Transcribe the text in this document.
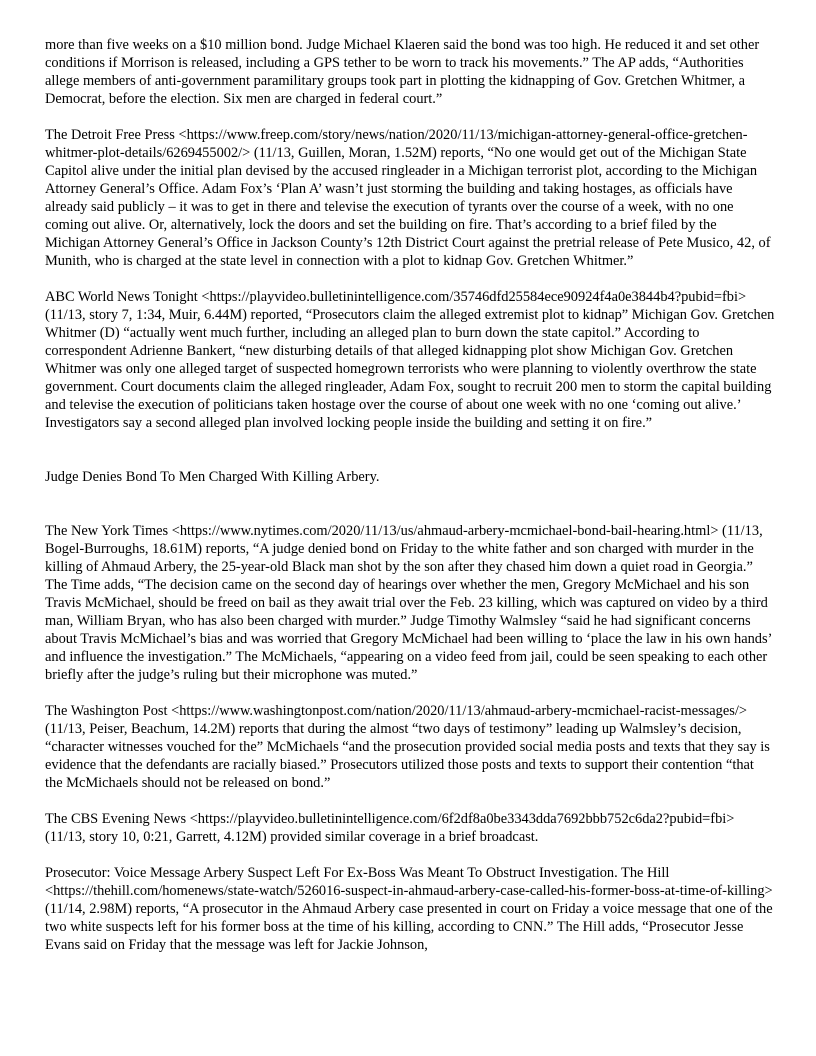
more than five weeks on a $10 million bond. Judge Michael Klaeren said the bond was too high. He reduced it and set other conditions if Morrison is released, including a GPS tether to be worn to track his movements.” The AP adds, “Authorities allege members of anti-government paramilitary groups took part in plotting the kidnapping of Gov. Gretchen Whitmer, a Democrat, before the election. Six men are charged in federal court.”

The Detroit Free Press <https://www.freep.com/story/news/nation/2020/11/13/michigan-attorney-general-office-gretchen-whitmer-plot-details/6269455002/> (11/13, Guillen, Moran, 1.52M) reports, “No one would get out of the Michigan State Capitol alive under the initial plan devised by the accused ringleader in a Michigan terrorist plot, according to the Michigan Attorney General’s Office. Adam Fox’s ‘Plan A’ wasn’t just storming the building and taking hostages, as officials have already said publicly – it was to get in there and televise the execution of tyrants over the course of a week, with no one coming out alive. Or, alternatively, lock the doors and set the building on fire. That’s according to a brief filed by the Michigan Attorney General’s Office in Jackson County’s 12th District Court against the pretrial release of Pete Musico, 42, of Munith, who is charged at the state level in connection with a plot to kidnap Gov. Gretchen Whitmer.”

ABC World News Tonight <https://playvideo.bulletinintelligence.com/35746dfd25584ece90924f4a0e3844b4?pubid=fbi> (11/13, story 7, 1:34, Muir, 6.44M) reported, “Prosecutors claim the alleged extremist plot to kidnap” Michigan Gov. Gretchen Whitmer (D) “actually went much further, including an alleged plan to burn down the state capitol.” According to correspondent Adrienne Bankert, “new disturbing details of that alleged kidnapping plot show Michigan Gov. Gretchen Whitmer was only one alleged target of suspected homegrown terrorists who were planning to violently overthrow the state government. Court documents claim the alleged ringleader, Adam Fox, sought to recruit 200 men to storm the capital building and televise the execution of politicians taken hostage over the course of about one week with no one ‘coming out alive.’ Investigators say a second alleged plan involved locking people inside the building and setting it on fire.”

Judge Denies Bond To Men Charged With Killing Arbery.

The New York Times <https://www.nytimes.com/2020/11/13/us/ahmaud-arbery-mcmichael-bond-bail-hearing.html> (11/13, Bogel-Burroughs, 18.61M) reports, “A judge denied bond on Friday to the white father and son charged with murder in the killing of Ahmaud Arbery, the 25-year-old Black man shot by the son after they chased him down a quiet road in Georgia.” The Time adds, “The decision came on the second day of hearings over whether the men, Gregory McMichael and his son Travis McMichael, should be freed on bail as they await trial over the Feb. 23 killing, which was captured on video by a third man, William Bryan, who has also been charged with murder.” Judge Timothy Walmsley “said he had significant concerns about Travis McMichael’s bias and was worried that Gregory McMichael had been willing to ‘place the law in his own hands’ and influence the investigation.” The McMichaels, “appearing on a video feed from jail, could be seen speaking to each other briefly after the judge’s ruling but their microphone was muted.”

The Washington Post <https://www.washingtonpost.com/nation/2020/11/13/ahmaud-arbery-mcmichael-racist-messages/> (11/13, Peiser, Beachum, 14.2M) reports that during the almost “two days of testimony” leading up Walmsley’s decision, “character witnesses vouched for the” McMichaels “and the prosecution provided social media posts and texts that they say is evidence that the defendants are racially biased.” Prosecutors utilized those posts and texts to support their contention “that the McMichaels should not be released on bond.”

The CBS Evening News <https://playvideo.bulletinintelligence.com/6f2df8a0be3343dda7692bbb752c6da2?pubid=fbi> (11/13, story 10, 0:21, Garrett, 4.12M) provided similar coverage in a brief broadcast.

Prosecutor: Voice Message Arbery Suspect Left For Ex-Boss Was Meant To Obstruct Investigation. The Hill <https://thehill.com/homenews/state-watch/526016-suspect-in-ahmaud-arbery-case-called-his-former-boss-at-time-of-killing> (11/14, 2.98M) reports, “A prosecutor in the Ahmaud Arbery case presented in court on Friday a voice message that one of the two white suspects left for his former boss at the time of his killing, according to CNN.” The Hill adds, “Prosecutor Jesse Evans said on Friday that the message was left for Jackie Johnson,
